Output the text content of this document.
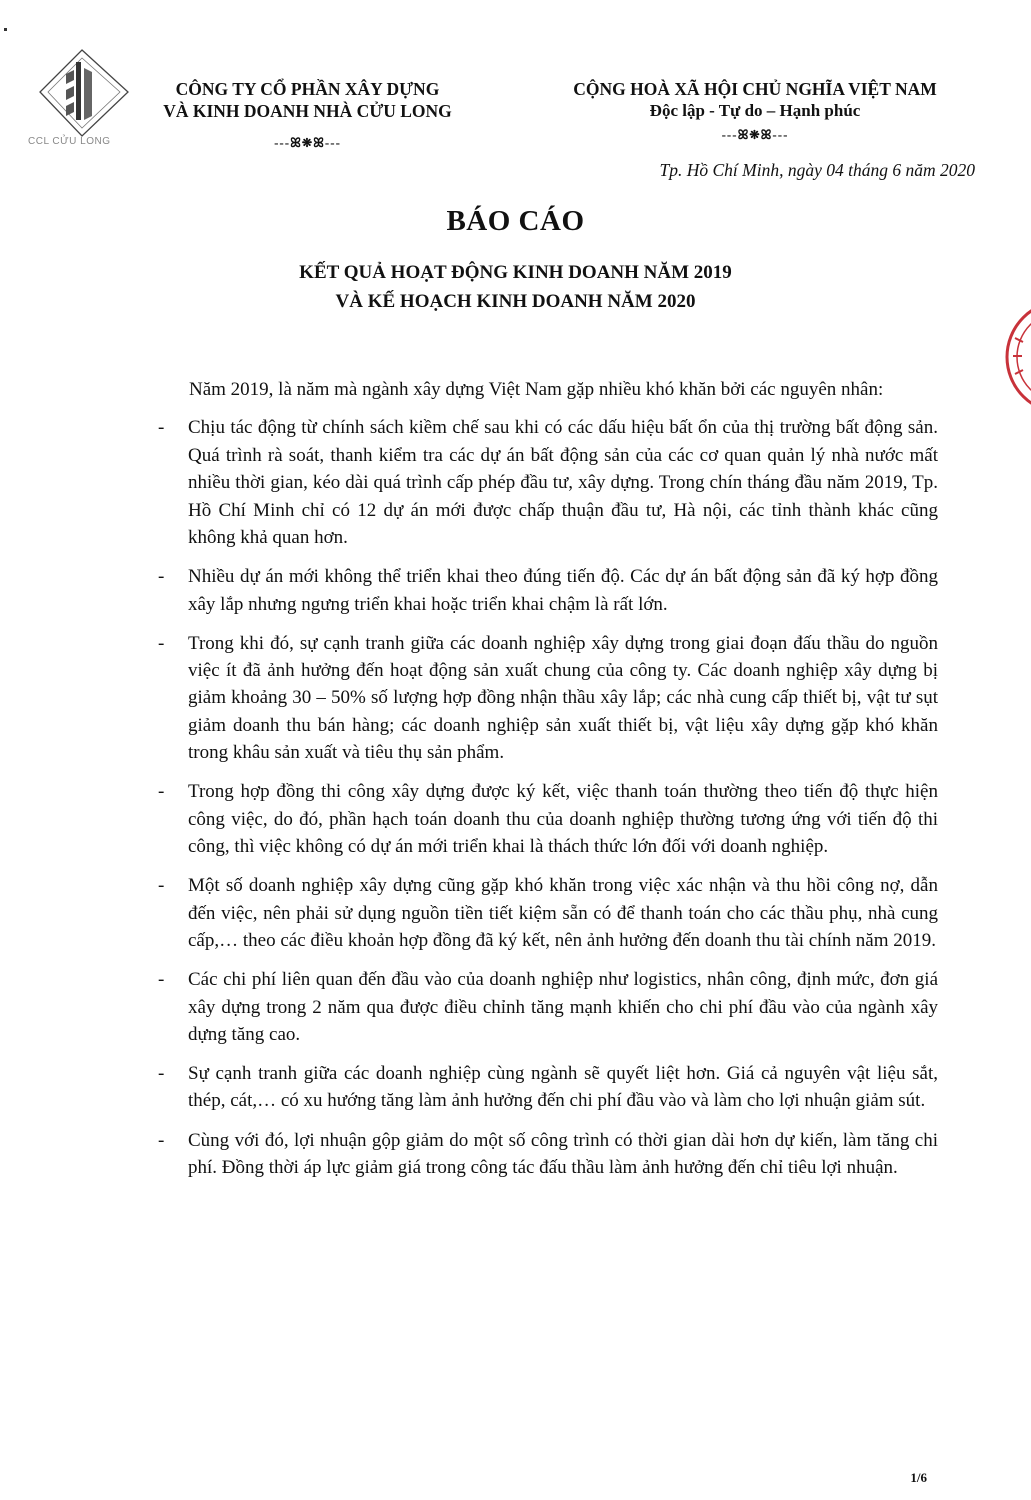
CCL CỬU LONG
CÔNG TY CỔ PHẦN XÂY DỰNG
VÀ KINH DOANH NHÀ CỬU LONG
---ꕤ❋ꕤ---
CỘNG HOÀ XÃ HỘI CHỦ NGHĨA VIỆT NAM
Độc lập - Tự do – Hạnh phúc
---ꕤ❋ꕤ---
Tp. Hồ Chí Minh, ngày 04 tháng 6 năm 2020
BÁO CÁO
KẾT QUẢ HOẠT ĐỘNG KINH DOANH NĂM 2019
VÀ KẾ HOẠCH KINH DOANH NĂM 2020

Năm 2019, là năm mà ngành xây dựng Việt Nam gặp nhiều khó khăn bởi các nguyên nhân:

- Chịu tác động từ chính sách kiềm chế sau khi có các dấu hiệu bất ổn của thị trường bất động sản. Quá trình rà soát, thanh kiểm tra các dự án bất động sản của các cơ quan quản lý nhà nước mất nhiều thời gian, kéo dài quá trình cấp phép đầu tư, xây dựng. Trong chín tháng đầu năm 2019, Tp. Hồ Chí Minh chỉ có 12 dự án mới được chấp thuận đầu tư, Hà nội, các tỉnh thành khác cũng không khả quan hơn.
- Nhiều dự án mới không thể triển khai theo đúng tiến độ. Các dự án bất động sản đã ký hợp đồng xây lắp nhưng ngưng triển khai hoặc triển khai chậm là rất lớn.
- Trong khi đó, sự cạnh tranh giữa các doanh nghiệp xây dựng trong giai đoạn đấu thầu do nguồn việc ít đã ảnh hưởng đến hoạt động sản xuất chung của công ty. Các doanh nghiệp xây dựng bị giảm khoảng 30 – 50% số lượng hợp đồng nhận thầu xây lắp; các nhà cung cấp thiết bị, vật tư sụt giảm doanh thu bán hàng; các doanh nghiệp sản xuất thiết bị, vật liệu xây dựng gặp khó khăn trong khâu sản xuất và tiêu thụ sản phẩm.
- Trong hợp đồng thi công xây dựng được ký kết, việc thanh toán thường theo tiến độ thực hiện công việc, do đó, phần hạch toán doanh thu của doanh nghiệp thường tương ứng với tiến độ thi công, thì việc không có dự án mới triển khai là thách thức lớn đối với doanh nghiệp.
- Một số doanh nghiệp xây dựng cũng gặp khó khăn trong việc xác nhận và thu hồi công nợ, dẫn đến việc, nên phải sử dụng nguồn tiền tiết kiệm sẵn có để thanh toán cho các thầu phụ, nhà cung cấp,… theo các điều khoản hợp đồng đã ký kết, nên ảnh hưởng đến doanh thu tài chính năm 2019.
- Các chi phí liên quan đến đầu vào của doanh nghiệp như logistics, nhân công, định mức, đơn giá xây dựng trong 2 năm qua được điều chỉnh tăng mạnh khiến cho chi phí đầu vào của ngành xây dựng tăng cao.
- Sự cạnh tranh giữa các doanh nghiệp cùng ngành sẽ quyết liệt hơn. Giá cả nguyên vật liệu sắt, thép, cát,… có xu hướng tăng làm ảnh hưởng đến chi phí đầu vào và làm cho lợi nhuận giảm sút.
- Cùng với đó, lợi nhuận gộp giảm do một số công trình có thời gian dài hơn dự kiến, làm tăng chi phí. Đồng thời áp lực giảm giá trong công tác đấu thầu làm ảnh hưởng đến chỉ tiêu lợi nhuận.
1/6
